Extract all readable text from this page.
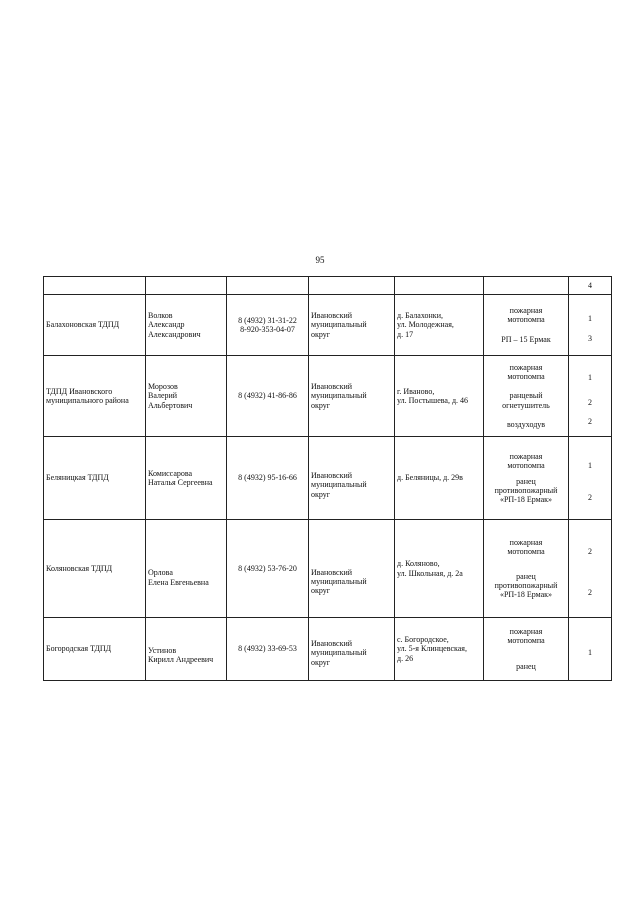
95
						4
Балахоновская ТДПД	Волков
Александр
Александрович	8 (4932) 31-31-22
8-920-353-04-07	Ивановский
муниципальный
округ	д. Балахонки,
ул. Молодежная,
д. 17	пожарная
мотопомпа
РП – 15 Ермак	1
3

ТДПД Ивановского муниципального района	Морозов
Валерий
Альбертович	8 (4932) 41-86-86	Ивановский
муниципальный
округ	г. Иваново,
ул. Постышева, д. 46	пожарная
мотопомпа
ранцевый
огнетушитель
воздуходув	1
2
2

Беляницкая ТДПД	Комиссарова
Наталья Сергеевна	8 (4932) 95-16-66	Ивановский
муниципальный
округ	д. Беляницы, д. 29в	пожарная
мотопомпа
ранец
противопожарный
«РП-18 Ермак»	1
2

Коляновская ТДПД	Орлова
Елена Евгеньевна	8 (4932) 53-76-20	Ивановский
муниципальный
округ	д. Коляново,
ул. Школьная, д. 2а	пожарная
мотопомпа
ранец
противопожарный
«РП-18 Ермак»	2
2

Богородская ТДПД	Устинов
Кирилл Андреевич	8 (4932) 33-69-53	Ивановский
муниципальный
округ	с. Богородское,
ул. 5-я Клинцевская,
д. 26	пожарная
мотопомпа
ранец	1
